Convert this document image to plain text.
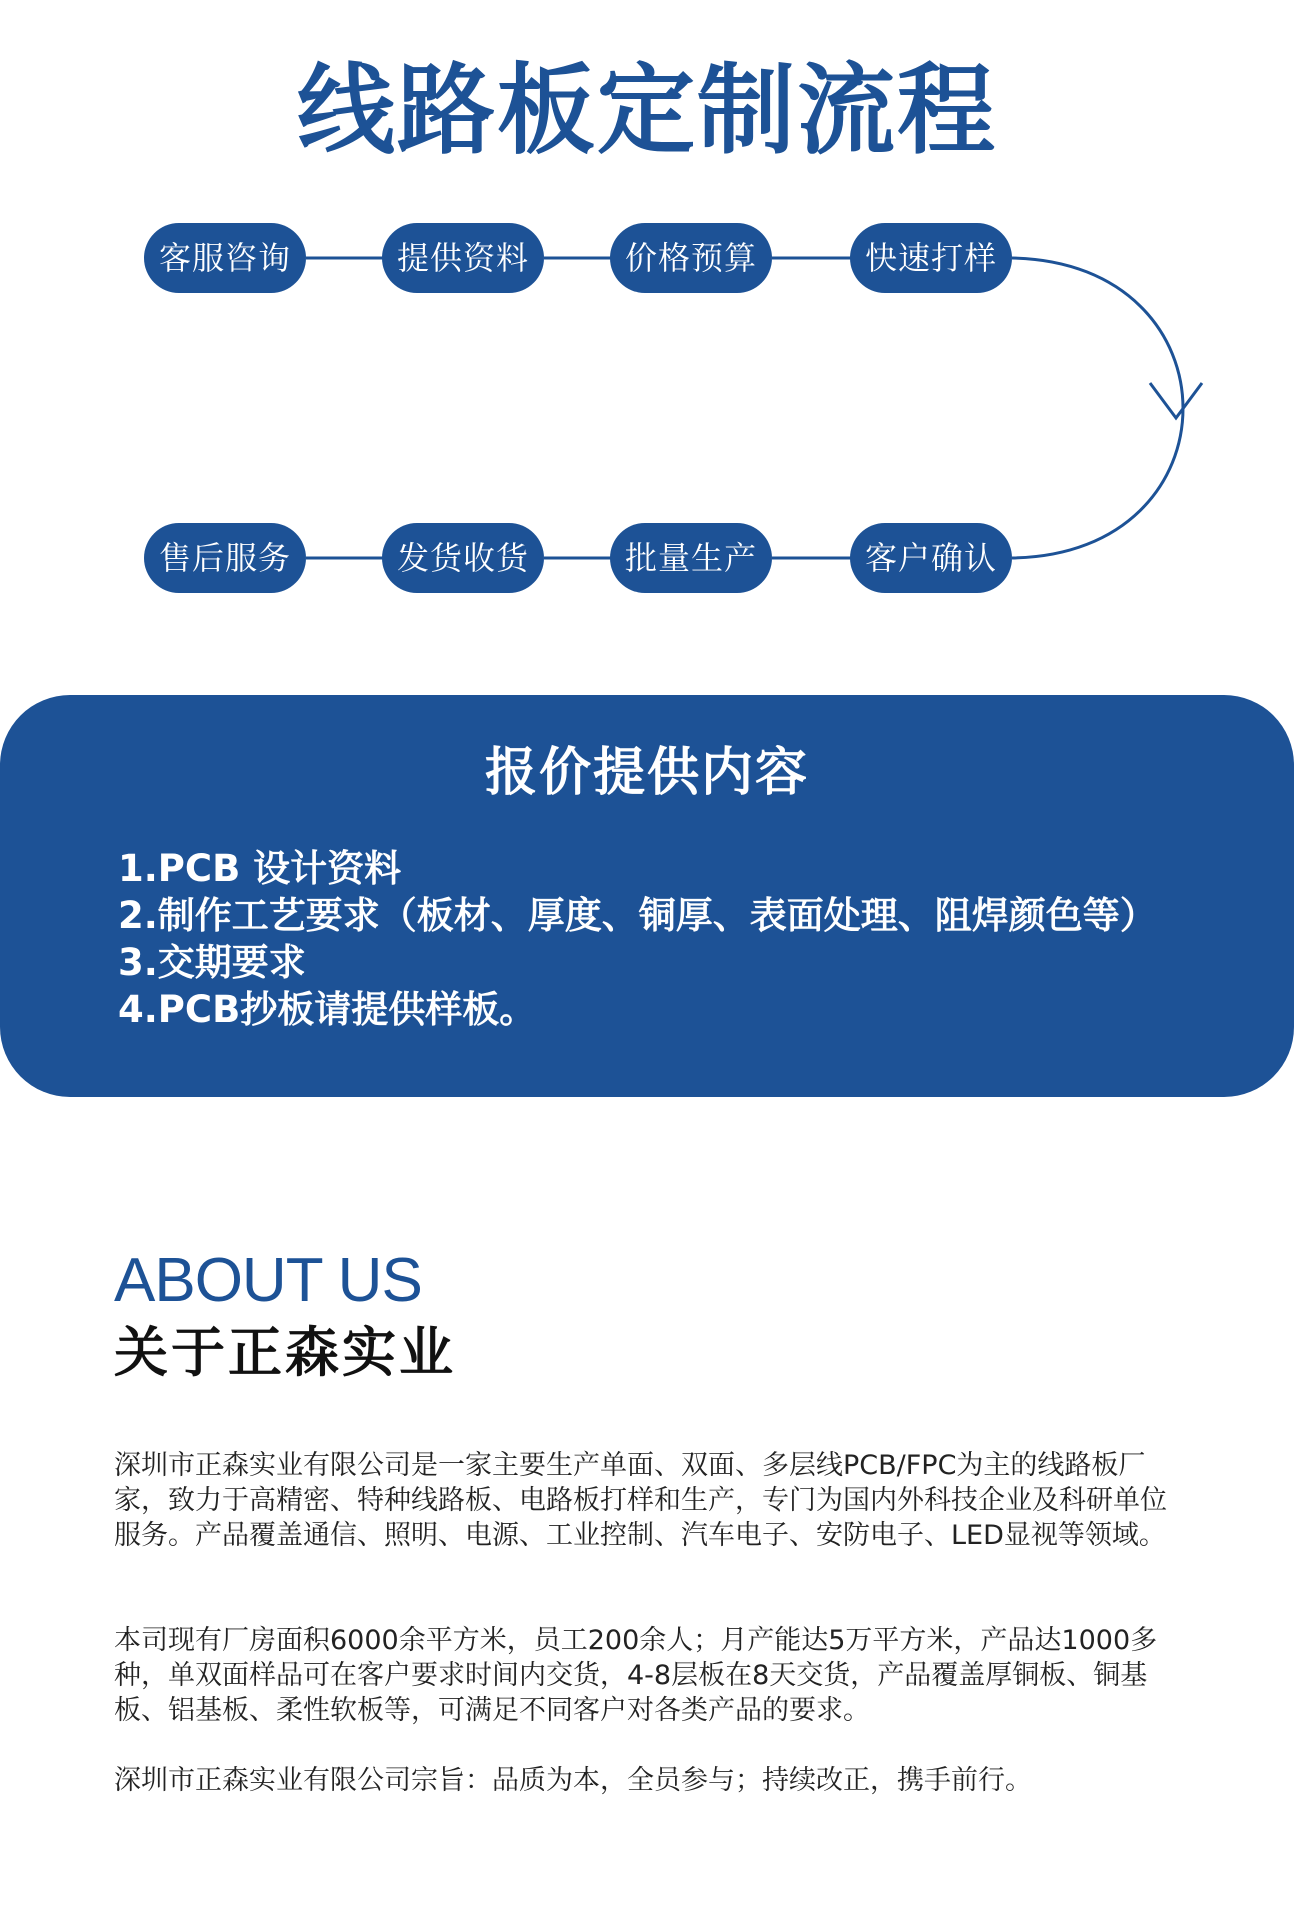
线路板定制流程
客服咨询	提供资料	价格预算	快速打样
客户确认
批量生产
发货收货
售后服务
报价提供内容
1.PCB 设计资料
2.制作工艺要求（板材、厚度、铜厚、表面处理、阻焊颜色等）
3.交期要求
4.PCB抄板请提供样板。
ABOUT US
关于正森实业

深圳市正森实业有限公司是一家主要生产单面、双面、多层线PCB/FPC为主的线路板厂家，致力于高精密、特种线路板、电路板打样和生产，专门为国内外科技企业及科研单位服务。产品覆盖通信、照明、电源、工业控制、汽车电子、安防电子、LED显视等领域。

本司现有厂房面积6000余平方米，员工200余人；月产能达5万平方米，产品达1000多种，单双面样品可在客户要求时间内交货，4-8层板在8天交货，产品覆盖厚铜板、铜基板、铝基板、柔性软板等，可满足不同客户对各类产品的要求。

深圳市正森实业有限公司宗旨：品质为本，全员参与；持续改正，携手前行。
